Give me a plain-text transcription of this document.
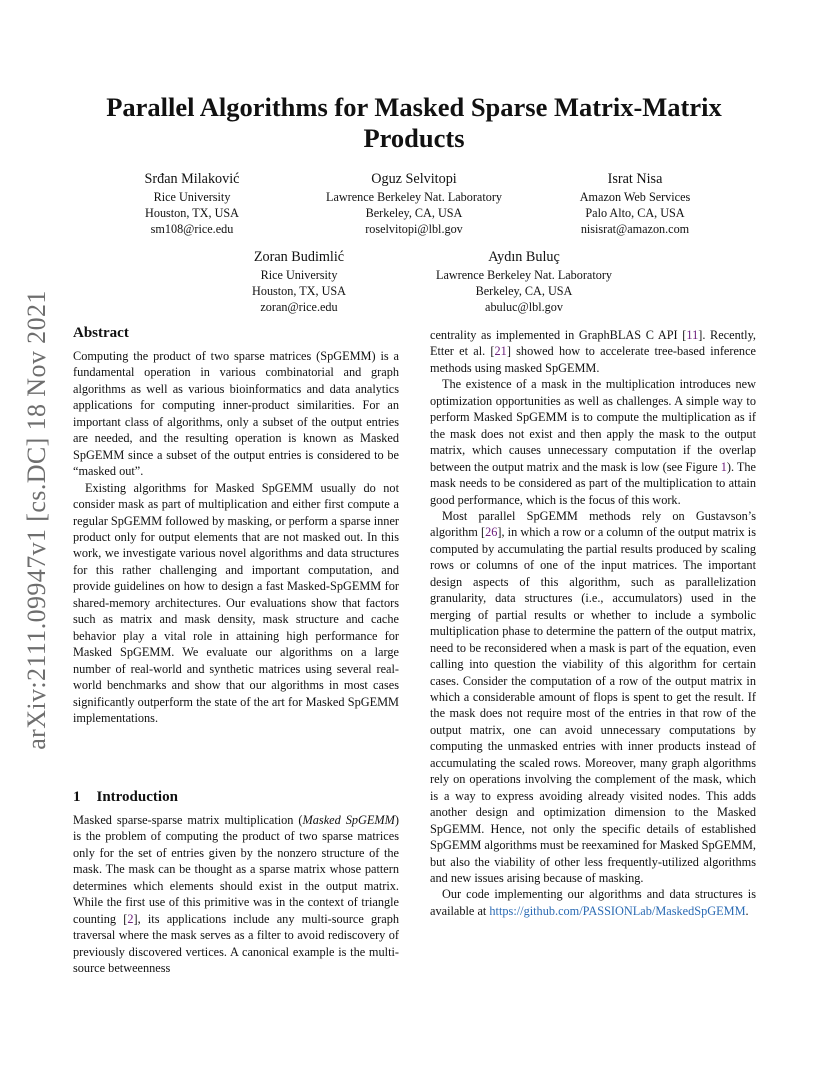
arXiv:2111.09947v1 [cs.DC] 18 Nov 2021
Parallel Algorithms for Masked Sparse Matrix-Matrix Products
Srđan Milaković
Rice University
Houston, TX, USA
sm108@rice.edu
Oguz Selvitopi
Lawrence Berkeley Nat. Laboratory
Berkeley, CA, USA
roselvitopi@lbl.gov
Israt Nisa
Amazon Web Services
Palo Alto, CA, USA
nisisrat@amazon.com
Zoran Budimlić
Rice University
Houston, TX, USA
zoran@rice.edu
Aydın Buluç
Lawrence Berkeley Nat. Laboratory
Berkeley, CA, USA
abuluc@lbl.gov
Abstract

Computing the product of two sparse matrices (SpGEMM) is a fundamental operation in various combinatorial and graph algorithms as well as various bioinformatics and data analytics applications for computing inner-product similarities. For an important class of algorithms, only a subset of the output entries are needed, and the resulting operation is known as Masked SpGEMM since a subset of the output entries is considered to be “masked out”.

Existing algorithms for Masked SpGEMM usually do not consider mask as part of multiplication and either first compute a regular SpGEMM followed by masking, or perform a sparse inner product only for output elements that are not masked out. In this work, we investigate various novel algorithms and data structures for this rather challenging and important computation, and provide guidelines on how to design a fast Masked-SpGEMM for shared-memory architectures. Our evaluations show that factors such as matrix and mask density, mask structure and cache behavior play a vital role in attaining high performance for Masked SpGEMM. We evaluate our algorithms on a large number of real-world and synthetic matrices using several real-world benchmarks and show that our algorithms in most cases significantly outperform the state of the art for Masked SpGEMM implementations.

1 Introduction

Masked sparse-sparse matrix multiplication (Masked SpGEMM) is the problem of computing the product of two sparse matrices only for the set of entries given by the nonzero structure of the mask. The mask can be thought as a sparse matrix whose pattern determines which elements should exist in the output matrix. While the first use of this primitive was in the context of triangle counting [2], its applications include any multi-source graph traversal where the mask serves as a filter to avoid rediscovery of previously discovered vertices. A canonical example is the multi-source betweenness

centrality as implemented in GraphBLAS C API [11]. Recently, Etter et al. [21] showed how to accelerate tree-based inference methods using masked SpGEMM.

The existence of a mask in the multiplication introduces new optimization opportunities as well as challenges. A simple way to perform Masked SpGEMM is to compute the multiplication as if the mask does not exist and then apply the mask to the output matrix, which causes unnecessary computation if the overlap between the output matrix and the mask is low (see Figure 1). The mask needs to be considered as part of the multiplication to attain good performance, which is the focus of this work.

Most parallel SpGEMM methods rely on Gustavson’s algorithm [26], in which a row or a column of the output matrix is computed by accumulating the partial results produced by scaling rows or columns of one of the input matrices. The important design aspects of this algorithm, such as parallelization granularity, data structures (i.e., accumulators) used in the merging of partial results or whether to include a symbolic multiplication phase to determine the pattern of the output matrix, need to be reconsidered when a mask is part of the equation, even calling into question the viability of this algorithm for certain cases. Consider the computation of a row of the output matrix in which a considerable amount of flops is spent to get the result. If the mask does not require most of the entries in that row of the output matrix, one can avoid unnecessary computations by computing the unmasked entries with inner products instead of accumulating the scaled rows. Moreover, many graph algorithms rely on operations involving the complement of the mask, which is a way to express avoiding already visited nodes. This adds another design and optimization dimension to the Masked SpGEMM. Hence, not only the specific details of established SpGEMM algorithms must be reexamined for Masked SpGEMM, but also the viability of other less frequently-utilized algorithms and new issues arising because of masking.

Our code implementing our algorithms and data structures is available at https://github.com/PASSIONLab/MaskedSpGEMM.
